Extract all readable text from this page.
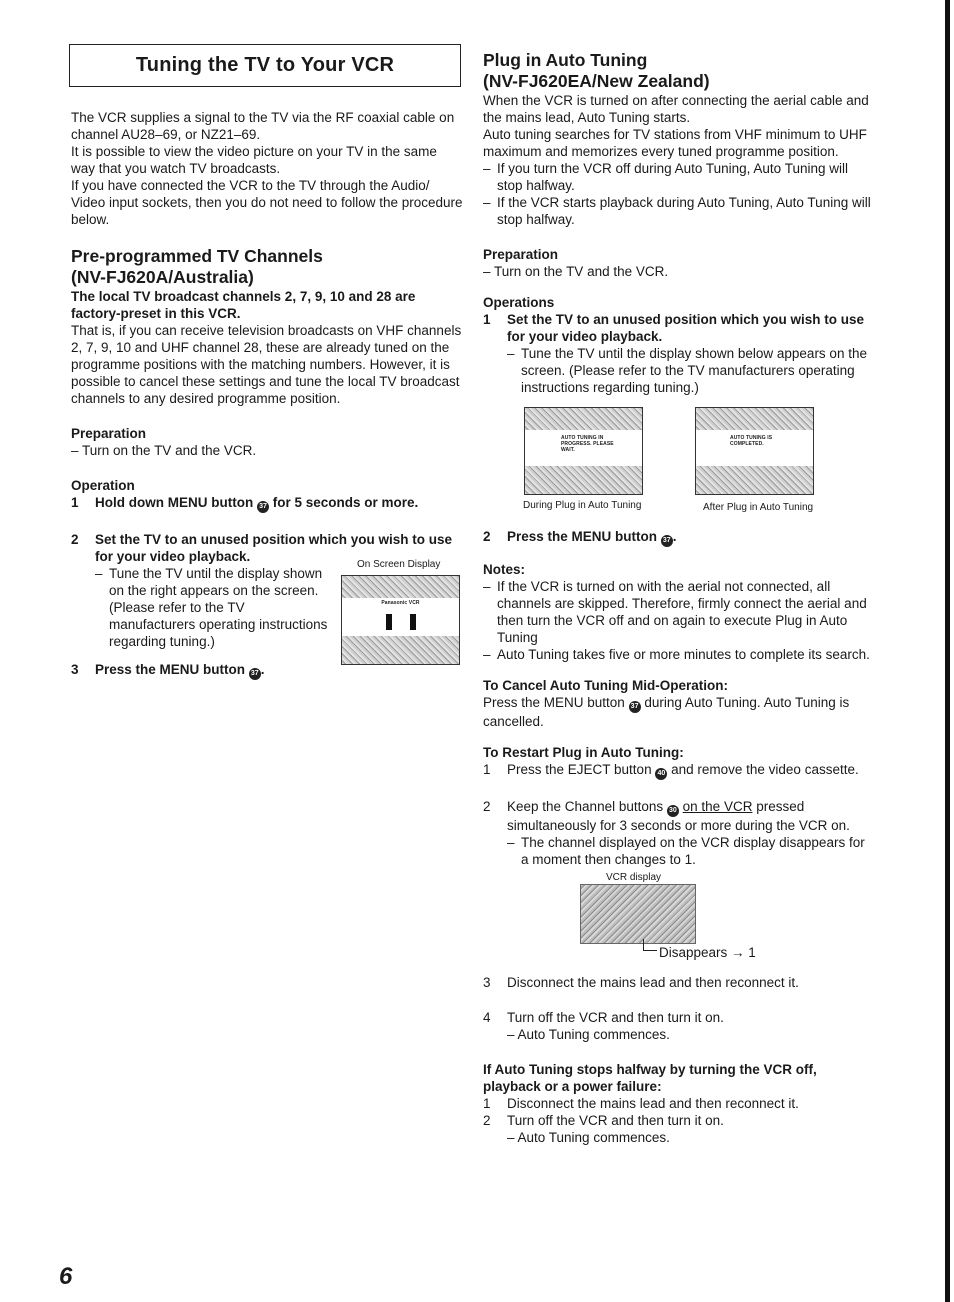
Tuning the TV to Your VCR

The VCR supplies a signal to the TV via the RF coaxial cable on channel AU28–69, or NZ21–69.

It is possible to view the video picture on your TV in the same way that you watch TV broadcasts.

If you have connected the VCR to the TV through the Audio/ Video input sockets, then you do not need to follow the procedure below.

Pre-programmed TV Channels
(NV-FJ620A/Australia)

The local TV broadcast channels 2, 7, 9, 10 and 28 are factory-preset in this VCR.

That is, if you can receive television broadcasts on VHF channels 2, 7, 9, 10 and UHF channel 28, these are already tuned on the programme positions with the matching numbers. However, it is possible to cancel these settings and tune the local TV broadcast channels to any desired programme position.

Preparation

– Turn on the TV and the VCR.

Operation
1	Hold down MENU button 37 for 5 seconds or more.
2	Set the TV to an unused position which you wish to use for your video playback.
– Tune the TV until the display shown on the right appears on the screen. (Please refer to the TV manufacturers operating instructions regarding tuning.)
On Screen Display
Panasonic VCR
3	Press the MENU button 37 .
Plug in Auto Tuning
(NV-FJ620EA/New Zealand)

When the VCR is turned on after connecting the aerial cable and the mains lead, Auto Tuning starts.

Auto tuning searches for TV stations from VHF minimum to UHF maximum and memorizes every tuned programme position.

– If you turn the VCR off during Auto Tuning, Auto Tuning will stop halfway.
– If the VCR starts playback during Auto Tuning, Auto Tuning will stop halfway.
Preparation

– Turn on the TV and the VCR.

Operations
1	Set the TV to an unused position which you wish to use for your video playback.
– Tune the TV until the display shown below appears on the screen. (Please refer to the TV manufacturers operating instructions regarding tuning.)
AUTO TUNING IN PROGRESS. PLEASE WAIT.
AUTO TUNING IS COMPLETED.
During Plug in Auto Tuning	After Plug in Auto Tuning
2	Press the MENU button 37 .
Notes:
– If the VCR is turned on with the aerial not connected, all channels are skipped. Therefore, firmly connect the aerial and then turn the VCR off and on again to execute Plug in Auto Tuning
– Auto Tuning takes five or more minutes to complete its search.
To Cancel Auto Tuning Mid-Operation:

Press the MENU button 37 during Auto Tuning. Auto Tuning is cancelled.

To Restart Plug in Auto Tuning:
1	Press the EJECT button 40 and remove the video cassette.
2	Keep the Channel buttons 30 on the VCR pressed simultaneously for 3 seconds or more during the VCR on.
– The channel displayed on the VCR display disappears for a moment then changes to 1.
VCR display
Disappears → 1
3	Disconnect the mains lead and then reconnect it.
4	Turn off the VCR and then turn it on.
– Auto Tuning commences.
If Auto Tuning stops halfway by turning the VCR off, playback or a power failure:
1	Disconnect the mains lead and then reconnect it.
2	Turn off the VCR and then turn it on.
– Auto Tuning commences.
6
